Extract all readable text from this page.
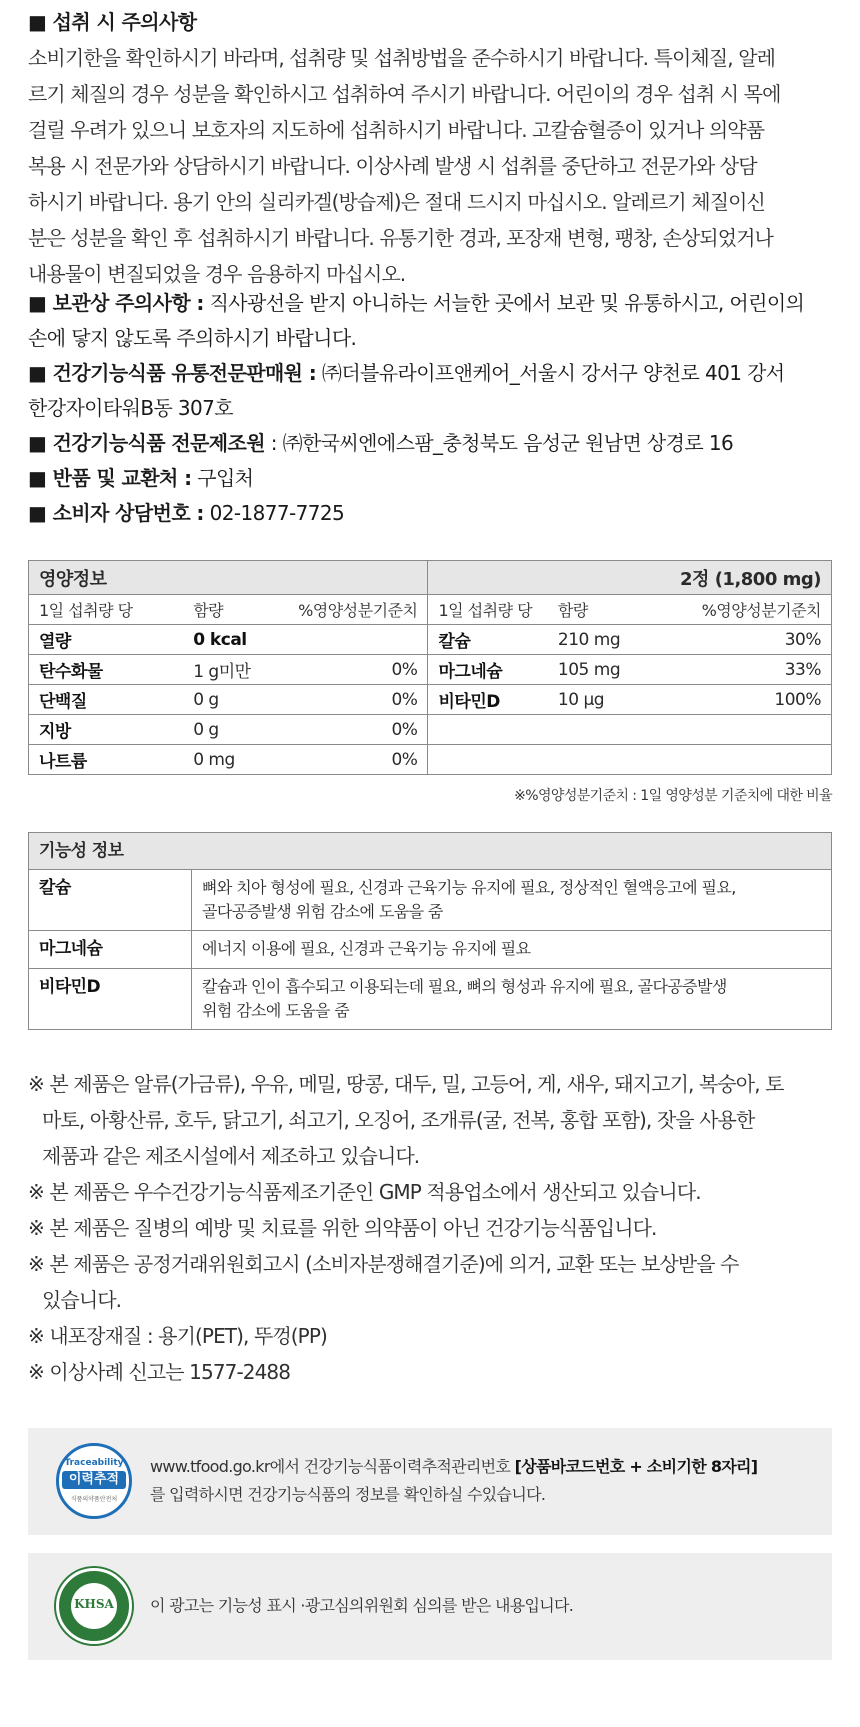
■ 섭취 시 주의사항
소비기한을 확인하시기 바라며, 섭취량 및 섭취방법을 준수하시기 바랍니다. 특이체질, 알레
르기 체질의 경우 성분을 확인하시고 섭취하여 주시기 바랍니다. 어린이의 경우 섭취 시 목에
걸릴 우려가 있으니 보호자의 지도하에 섭취하시기 바랍니다. 고칼슘혈증이 있거나 의약품
복용 시 전문가와 상담하시기 바랍니다. 이상사례 발생 시 섭취를 중단하고 전문가와 상담
하시기 바랍니다. 용기 안의 실리카겔(방습제)은 절대 드시지 마십시오. 알레르기 체질이신
분은 성분을 확인 후 섭취하시기 바랍니다. 유통기한 경과, 포장재 변형, 팽창, 손상되었거나
내용물이 변질되었을 경우 음용하지 마십시오.
■ 보관상 주의사항 : 직사광선을 받지 아니하는 서늘한 곳에서 보관 및 유통하시고, 어린이의
손에 닿지 않도록 주의하시기 바랍니다.
■ 건강기능식품 유통전문판매원 : ㈜더블유라이프앤케어_서울시 강서구 양천로 401 강서
한강자이타워B동 307호
■ 건강기능식품 전문제조원 : ㈜한국씨엔에스팜_충청북도 음성군 원남면 상경로 16
■ 반품 및 교환처 : 구입처
■ 소비자 상담번호 : 02-1877-7725
영양정보			2정 (1,800 mg)		
1일 섭취량 당	함량	%영양성분기준치	1일 섭취량 당	함량	%영양성분기준치
열량	0 kcal		칼슘	210 mg	30%
탄수화물	1 g미만	0%	마그네슘	105 mg	33%
단백질	0 g	0%	비타민D	10 µg	100%
지방	0 g	0%			
나트륨	0 mg	0%			
※%영양성분기준치 : 1일 영양성분 기준치에 대한 비율
기능성 정보	
칼슘	뼈와 치아 형성에 필요, 신경과 근육기능 유지에 필요, 정상적인 혈액응고에 필요,
골다공증발생 위험 감소에 도움을 줌

마그네슘	에너지 이용에 필요, 신경과 근육기능 유지에 필요

비타민D	칼슘과 인이 흡수되고 이용되는데 필요, 뼈의 형성과 유지에 필요, 골다공증발생
위험 감소에 도움을 줌
※ 본 제품은 알류(가금류), 우유, 메밀, 땅콩, 대두, 밀, 고등어, 게, 새우, 돼지고기, 복숭아, 토
마토, 아황산류, 호두, 닭고기, 쇠고기, 오징어, 조개류(굴, 전복, 홍합 포함), 잣을 사용한
제품과 같은 제조시설에서 제조하고 있습니다.
※ 본 제품은 우수건강기능식품제조기준인 GMP 적용업소에서 생산되고 있습니다.
※ 본 제품은 질병의 예방 및 치료를 위한 의약품이 아닌 건강기능식품입니다.
※ 본 제품은 공정거래위원회고시 (소비자분쟁해결기준)에 의거, 교환 또는 보상받을 수
있습니다.
※ 내포장재질 : 용기(PET), 뚜껑(PP)
※ 이상사례 신고는 1577-2488
Traceability
이력추적
식품의약품안전처
www.tfood.go.kr에서 건강기능식품이력추적관리번호 [상품바코드번호 + 소비기한 8자리]
를 입력하시면 건강기능식품의 정보를 확인하실 수있습니다.
KHSA	이 광고는 기능성 표시 ·광고심의위원회 심의를 받은 내용입니다.
